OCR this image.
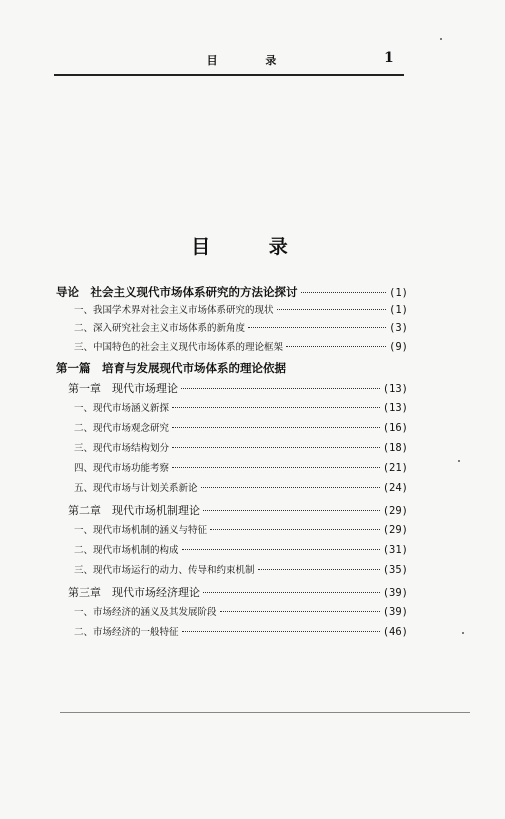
目 录	1
目 录
导论　社会主义现代市场体系研究的方法论探讨	(1)
一、我国学术界对社会主义市场体系研究的现状	(1)
二、深入研究社会主义市场体系的新角度	(3)
三、中国特色的社会主义现代市场体系的理论框架	(9)
第一篇　培育与发展现代市场体系的理论依据
第一章　现代市场理论	(13)
一、现代市场涵义新探	(13)
二、现代市场观念研究	(16)
三、现代市场结构划分	(18)
四、现代市场功能考察	(21)
五、现代市场与计划关系新论	(24)
第二章　现代市场机制理论	(29)
一、现代市场机制的涵义与特征	(29)
二、现代市场机制的构成	(31)
三、现代市场运行的动力、传导和约束机制	(35)
第三章　现代市场经济理论	(39)
一、市场经济的涵义及其发展阶段	(39)
二、市场经济的一般特征	(46)
